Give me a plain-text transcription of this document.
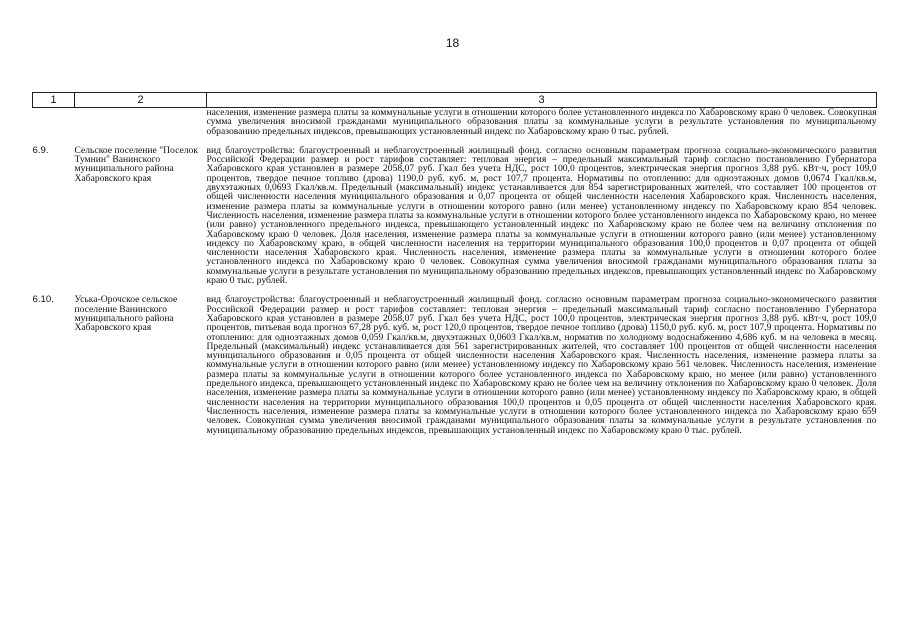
18
1	2	3
		населения, изменение размера платы за коммунальные услуги в отношении которого более установленного индекса по Хабаровскому краю 0 человек. Совокупная сумма увеличения вносимой гражданами муниципального образования платы за коммунальные услуги в результате установления по муниципальному образованию предельных индексов, превышающих установленный индекс по Хабаровскому краю 0 тыс. рублей.

6.9.	Сельское поселение "Поселок Тумнин" Ванинского муниципального района Хабаровского края	вид благоустройства: благоустроенный и неблагоустроенный жилищный фонд. согласно основным параметрам прогноза социально-экономического развития Российской Федерации размер и рост тарифов составляет: тепловая энергия – предельный максимальный тариф согласно постановлению Губернатора Хабаровского края установлен в размере 2058,07 руб. Гкал без учета НДС, рост 100,0 процентов, электрическая энергия прогноз 3,88 руб. кВт·ч, рост 109,0 процентов, твердое печное топливо (дрова) 1190,0 руб. куб. м, рост 107,7 процента. Нормативы по отоплению: для одноэтажных домов 0,0674 Гкал/кв.м, двухэтажных 0,0693 Гкал/кв.м. Предельный (максимальный) индекс устанавливается для 854 зарегистрированных жителей, что составляет 100 процентов от общей численности населения муниципального образования и 0,07 процента от общей численности населения Хабаровского края. Численность населения, изменение размера платы за коммунальные услуги в отношении которого равно (или менее) установленному индексу по Хабаровскому краю 854 человек. Численность населения, изменение размера платы за коммунальные услуги в отношении которого более установленного индекса по Хабаровскому краю, но менее (или равно) установленного предельного индекса, превышающего установленный индекс по Хабаровскому краю не более чем на величину отклонения по Хабаровскому краю 0 человек. Доля населения, изменение размера платы за коммунальные услуги в отношении которого равно (или менее) установленному индексу по Хабаровскому краю, в общей численности населения на территории муниципального образования 100,0 процентов и 0,07 процента от общей численности населения Хабаровского края. Численность населения, изменение размера платы за коммунальные услуги в отношении которого более установленного индекса по Хабаровскому краю 0 человек. Совокупная сумма увеличения вносимой гражданами муниципального образования платы за коммунальные услуги в результате установления по муниципальному образованию предельных индексов, превышающих установленный индекс по Хабаровскому краю 0 тыс. рублей.

6.10.	Уська-Орочское сельское поселение Ванинского муниципального района Хабаровского края	вид благоустройства: благоустроенный и неблагоустроенный жилищный фонд. согласно основным параметрам прогноза социально-экономического развития Российской Федерации размер и рост тарифов составляет: тепловая энергия – предельный максимальный тариф согласно постановлению Губернатора Хабаровского края установлен в размере 2058,07 руб. Гкал без учета НДС, рост 100,0 процентов, электрическая энергия прогноз 3,88 руб. кВт·ч, рост 109,0 процентов, питьевая вода прогноз 67,28 руб. куб. м, рост 120,0 процентов, твердое печное топливо (дрова) 1150,0 руб. куб. м, рост 107,9 процента. Нормативы по отоплению: для одноэтажных домов 0,059 Гкал/кв.м, двухэтажных 0,0603 Гкал/кв.м, норматив по холодному водоснабжению 4,686 куб. м на человека в месяц. Предельный (максимальный) индекс устанавливается для 561 зарегистрированных жителей, что составляет 100 процентов от общей численности населения муниципального образования и 0,05 процента от общей численности населения Хабаровского края. Численность населения, изменение размера платы за коммунальные услуги в отношении которого равно (или менее) установленному индексу по Хабаровскому краю 561 человек. Численность населения, изменение размера платы за коммунальные услуги в отношении которого более установленного индекса по Хабаровскому краю, но менее (или равно) установленного предельного индекса, превышающего установленный индекс по Хабаровскому краю не более чем на величину отклонения по Хабаровскому краю 0 человек. Доля населения, изменение размера платы за коммунальные услуги в отношении которого равно (или менее) установленному индексу по Хабаровскому краю, в общей численности населения на территории муниципального образования 100,0 процентов и 0,05 процента от общей численности населения Хабаровского края. Численность населения, изменение размера платы за коммунальные услуги в отношении которого более установленного индекса по Хабаровскому краю 659 человек. Совокупная сумма увеличения вносимой гражданами муниципального образования платы за коммунальные услуги в результате установления по муниципальному образованию предельных индексов, превышающих установленный индекс по Хабаровскому краю 0 тыс. рублей.
